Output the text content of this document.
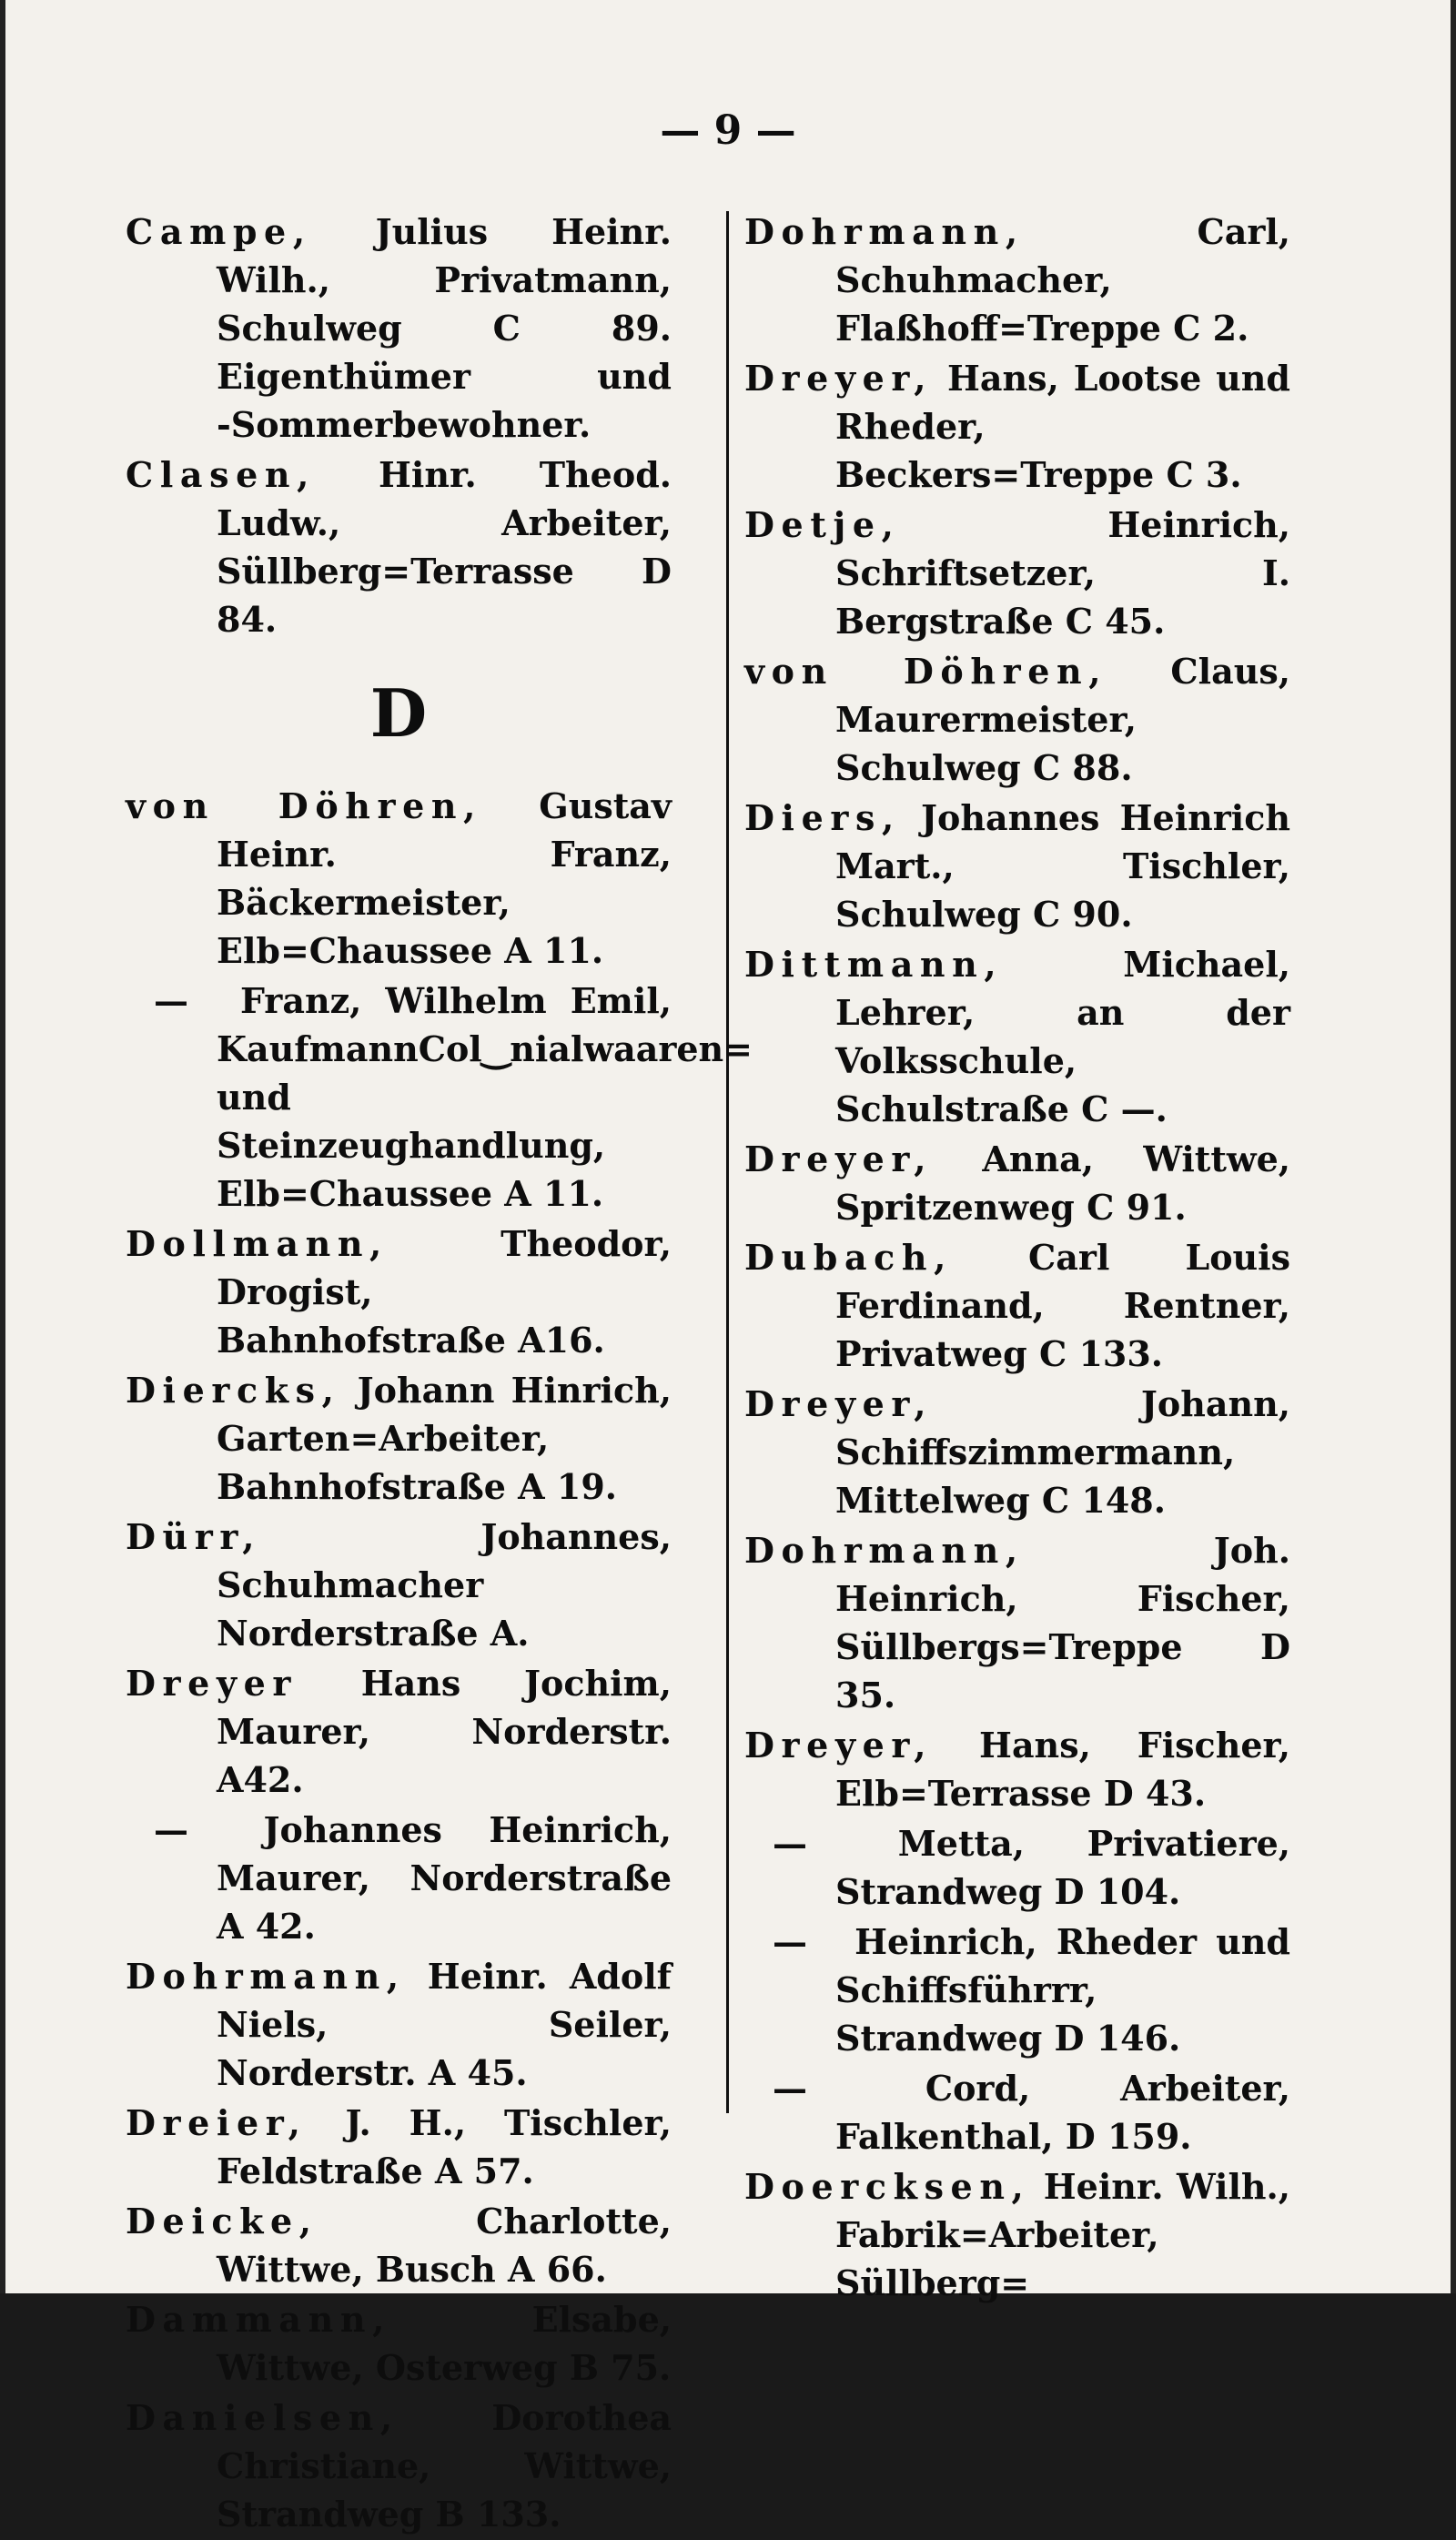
— 9 —

Campe, Julius Heinr. Wilh., Privatmann, Schulweg C 89. Eigenthümer und ‑Sommerbewohner.

Clasen, Hinr. Theod. Ludw., Arbeiter, Süllberg=Terrasse D 84.

D

von Döhren, Gustav Heinr. Franz, Bäckermeister, Elb=Chaussee A 11.

— Franz, Wilhelm Emil, KaufmannCol‿nialwaaren= und Steinzeughandlung, Elb=Chaussee A 11.

Dollmann, Theodor, Drogist, Bahnhofstraße A16.

Diercks, Johann Hinrich, Garten=Arbeiter, Bahnhofstraße A 19.

Dürr, Johannes, Schuhmacher Norderstraße A.

Dreyer Hans Jochim, Maurer, Norderstr. A42.

— Johannes Heinrich, Maurer, Norderstraße A 42.

Dohrmann, Heinr. Adolf Niels, Seiler, Norderstr. A 45.

Dreier, J. H., Tischler, Feldstraße A 57.

Deicke, Charlotte, Wittwe, Busch A 66.

Dammann, Elsabe, Wittwe, Osterweg B 75.

Danielsen, Dorothea Christiane, Wittwe, Strandweg B 133.

Dohrmann, Carl, Schuhmacher, Flaßhoff=Treppe C 2.

Dreyer, Hans, Lootse und Rheder, Beckers=Treppe C 3.

Detje, Heinrich, Schriftsetzer, I. Bergstraße C 45.

von Döhren, Claus, Maurermeister, Schulweg C 88.

Diers, Johannes Heinrich Mart., Tischler, Schulweg C 90.

Dittmann, Michael, Lehrer, an der Volksschule, Schulstraße C —.

Dreyer, Anna, Wittwe, Spritzenweg C 91.

Dubach, Carl Louis Ferdinand, Rentner, Privatweg C 133.

Dreyer, Johann, Schiffszimmermann, Mittelweg C 148.

Dohrmann, Joh. Heinrich, Fischer, Süllbergs=Treppe D 35.

Dreyer, Hans, Fischer, Elb=Terrasse D 43.

— Metta, Privatiere, Strandweg D 104.

— Heinrich, Rheder und Schiffsführrr, Strandweg D 146.

— Cord, Arbeiter, Falkenthal, D 159.

Doercksen, Heinr. Wilh., Fabrik=Arbeiter, Süllberg=
